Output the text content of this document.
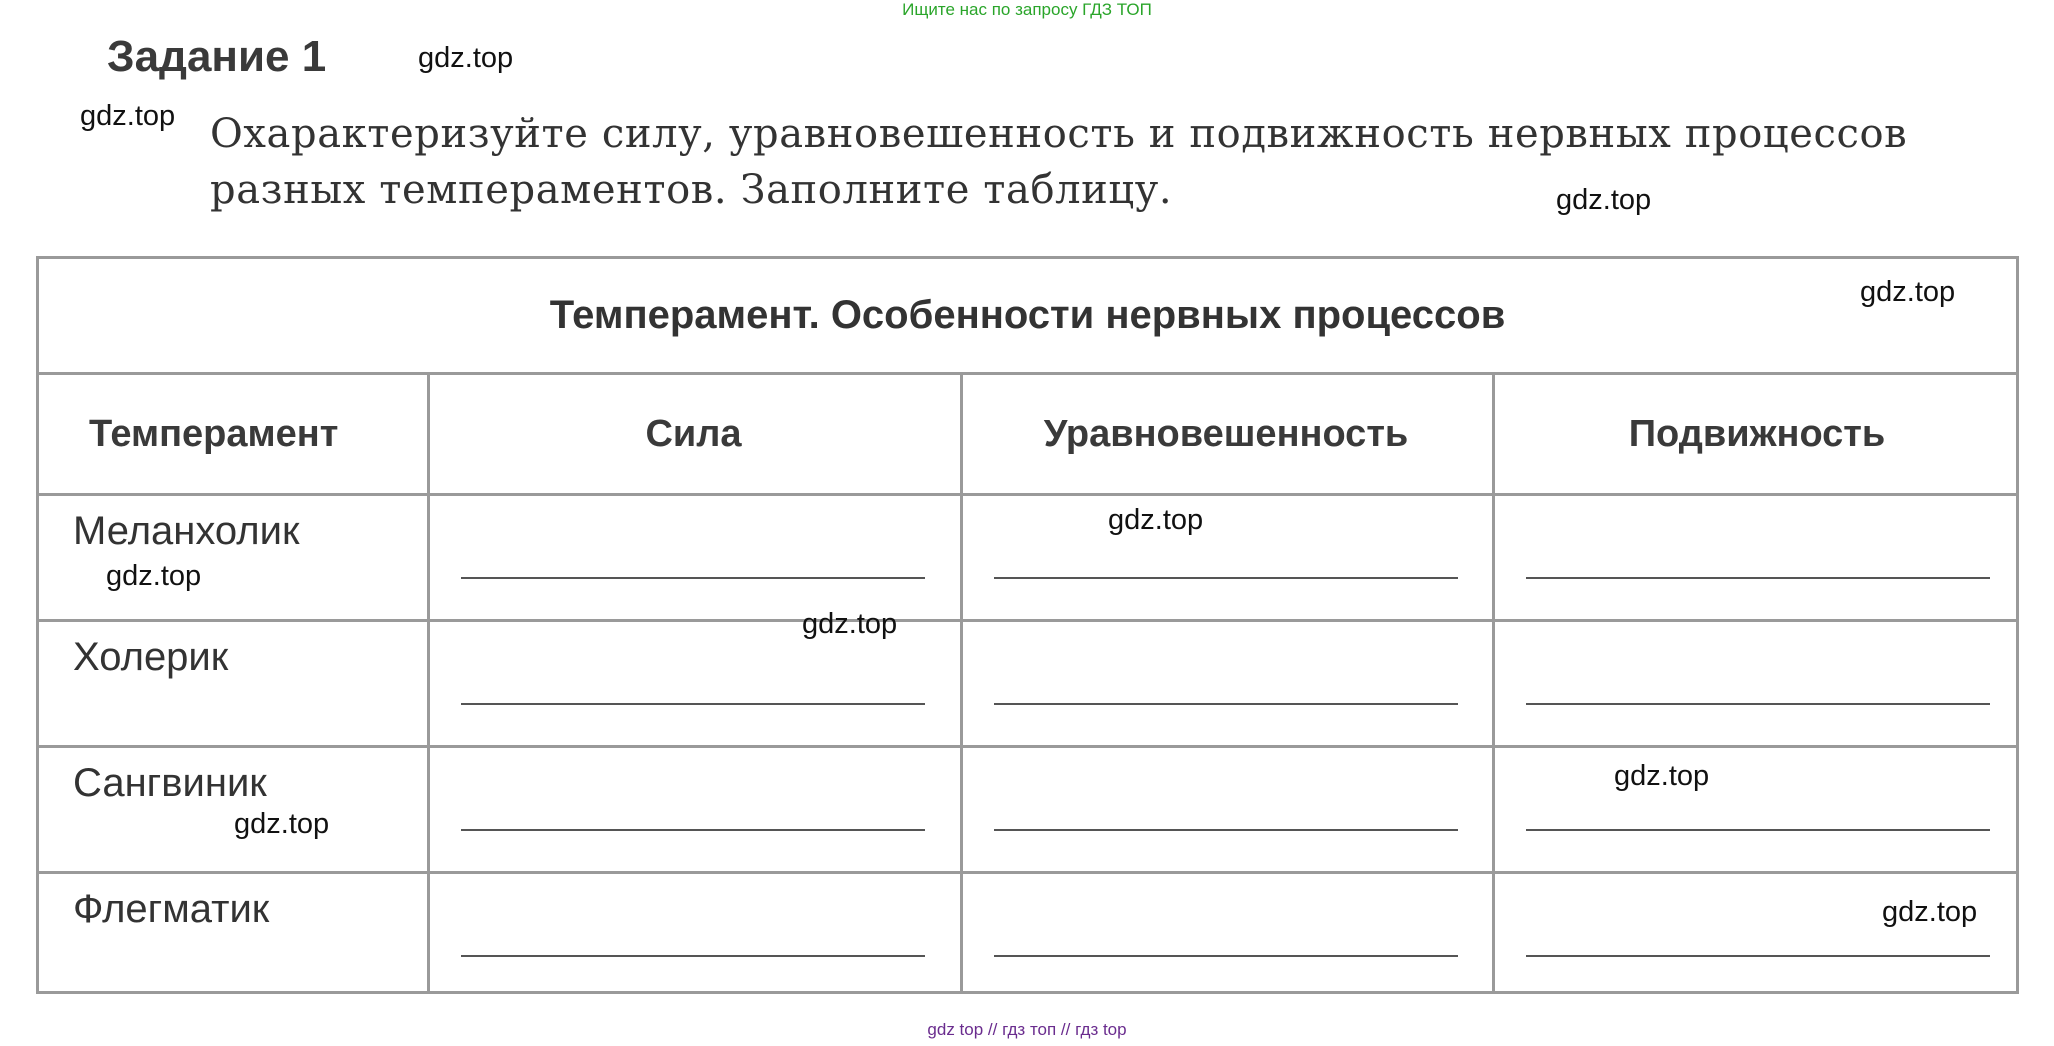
Ищите нас по запросу ГДЗ ТОП
Задание 1
Охарактеризуйте силу, уравновешенность и подвижность нервных процессов разных темпераментов. Заполните таблицу.
Темперамент. Особенности нервных процессов
Темперамент	Сила	Уравновешенность	Подвижность
Меланхолик
Холерик
Сангвиник
Флегматик
gdz.top
gdz.top
gdz.top
gdz.top
gdz.top
gdz.top
gdz.top
gdz.top
gdz.top
gdz.top
gdz top // гдз топ // гдз top
